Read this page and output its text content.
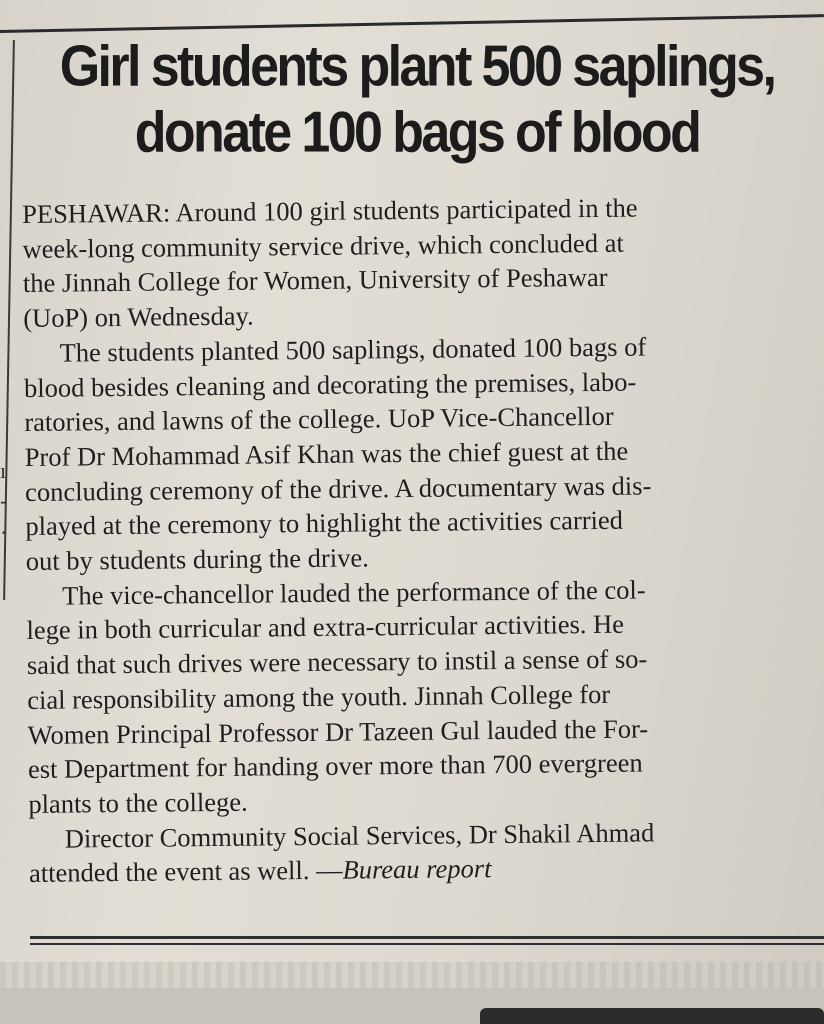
ı
-
·
Girl students plant 500 saplings,
donate 100 bags of blood
PESHAWAR: Around 100 girl students participated in the
week-long community service drive, which concluded at
the Jinnah College for Women, University of Peshawar
(UoP) on Wednesday.
The students planted 500 saplings, donated 100 bags of
blood besides cleaning and decorating the premises, labo-
ratories, and lawns of the college. UoP Vice-Chancellor
Prof Dr Mohammad Asif Khan was the chief guest at the
concluding ceremony of the drive. A documentary was dis-
played at the ceremony to highlight the activities carried
out by students during the drive.
The vice-chancellor lauded the performance of the col-
lege in both curricular and extra-curricular activities. He
said that such drives were necessary to instil a sense of so-
cial responsibility among the youth. Jinnah College for
Women Principal Professor Dr Tazeen Gul lauded the For-
est Department for handing over more than 700 evergreen
plants to the college.
Director Community Social Services, Dr Shakil Ahmad
attended the event as well. —Bureau report
